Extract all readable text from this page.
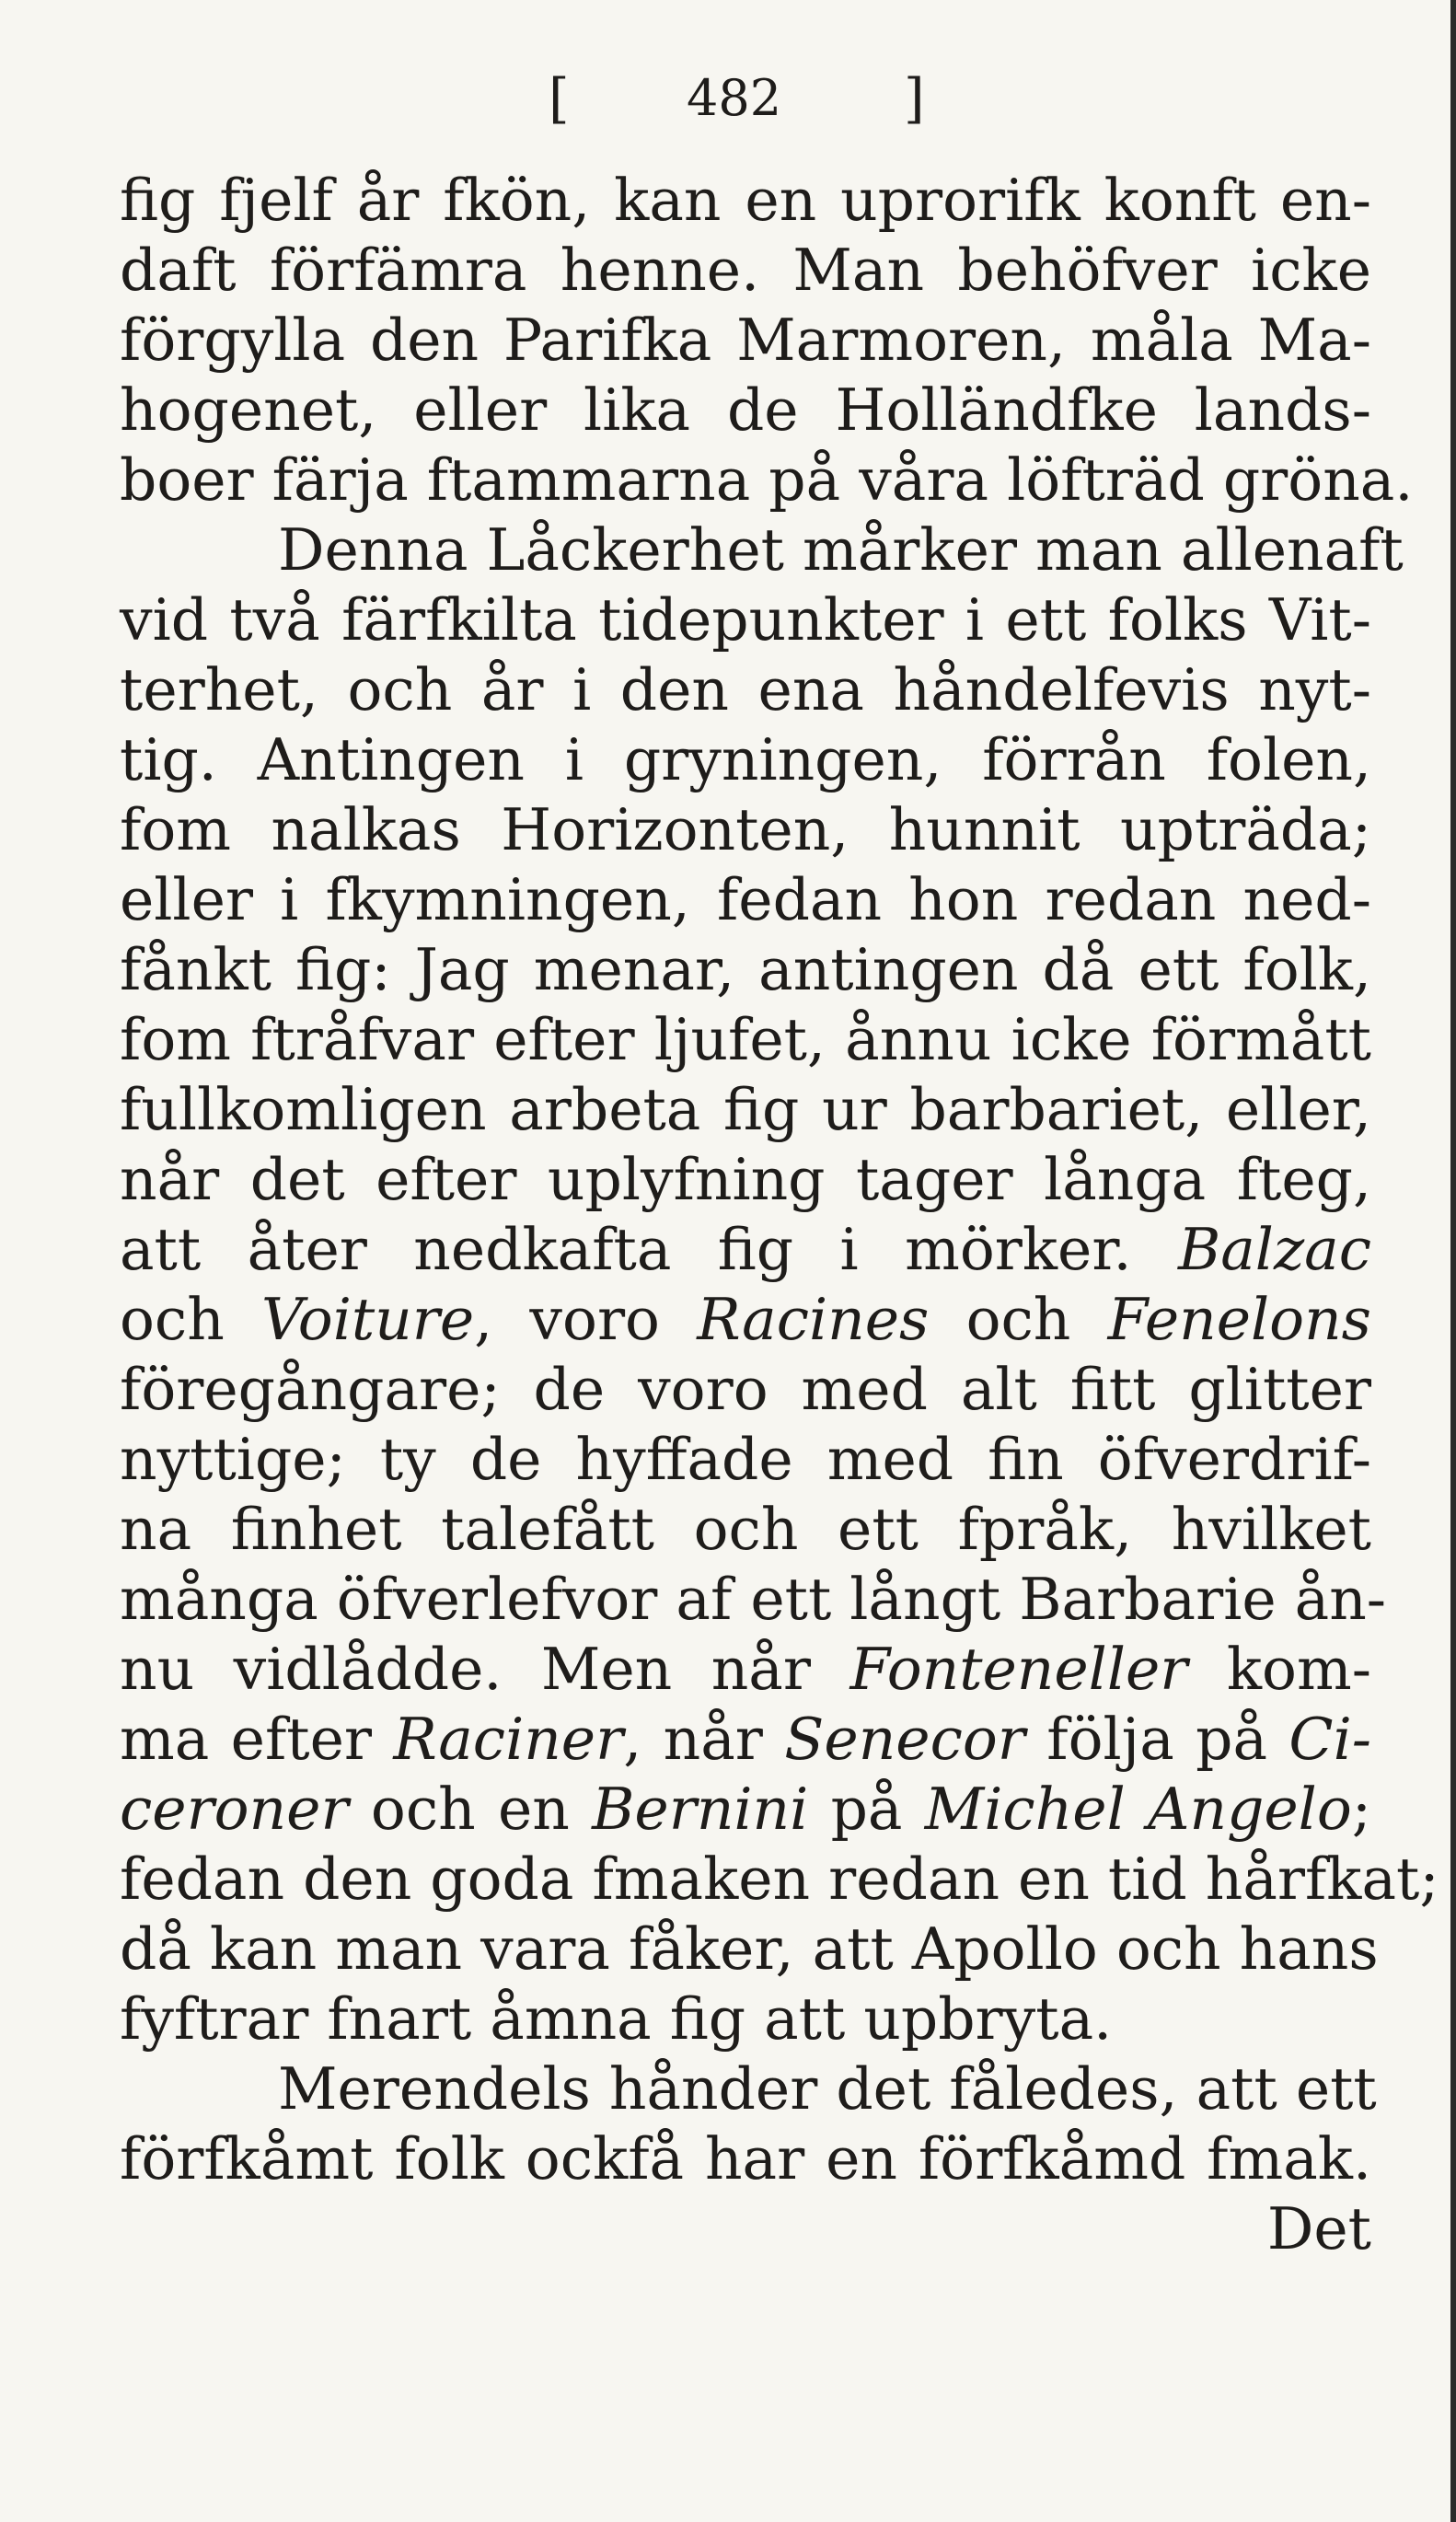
[ 482 ]
fig fjelf år fkön, kan en uprorifk konft en-
daft förfämra henne. Man behöfver icke
förgylla den Parifka Marmoren, måla Ma-
hogenet, eller lika de Holländfke lands-
boer färja ftammarna på våra löfträd gröna.
Denna Låckerhet mårker man allenaft
vid två färfkilta tidepunkter i ett folks Vit-
terhet, och år i den ena håndelfevis nyt-
tig. Antingen i gryningen, förrån folen,
fom nalkas Horizonten, hunnit upträda;
eller i fkymningen, fedan hon redan ned-
fånkt fig: Jag menar, antingen då ett folk,
fom ftråfvar efter ljufet, ånnu icke förmått
fullkomligen arbeta fig ur barbariet, eller,
når det efter uplyfning tager långa fteg,
att åter nedkafta fig i mörker. Balzac
och Voiture, voro Racines och Fenelons
föregångare; de voro med alt fitt glitter
nyttige; ty de hyffade med fin öfverdrif-
na finhet talefått och ett fpråk, hvilket
många öfverlefvor af ett långt Barbarie ån-
nu vidlådde. Men når Fonteneller kom-
ma efter Raciner, når Senecor följa på Ci-
ceroner och en Bernini på Michel Angelo;
fedan den goda fmaken redan en tid hårfkat;
då kan man vara fåker, att Apollo och hans
fyftrar fnart åmna fig att upbryta.
Merendels hånder det fåledes, att ett
förfkåmt folk ockfå har en förfkåmd fmak.
Det
